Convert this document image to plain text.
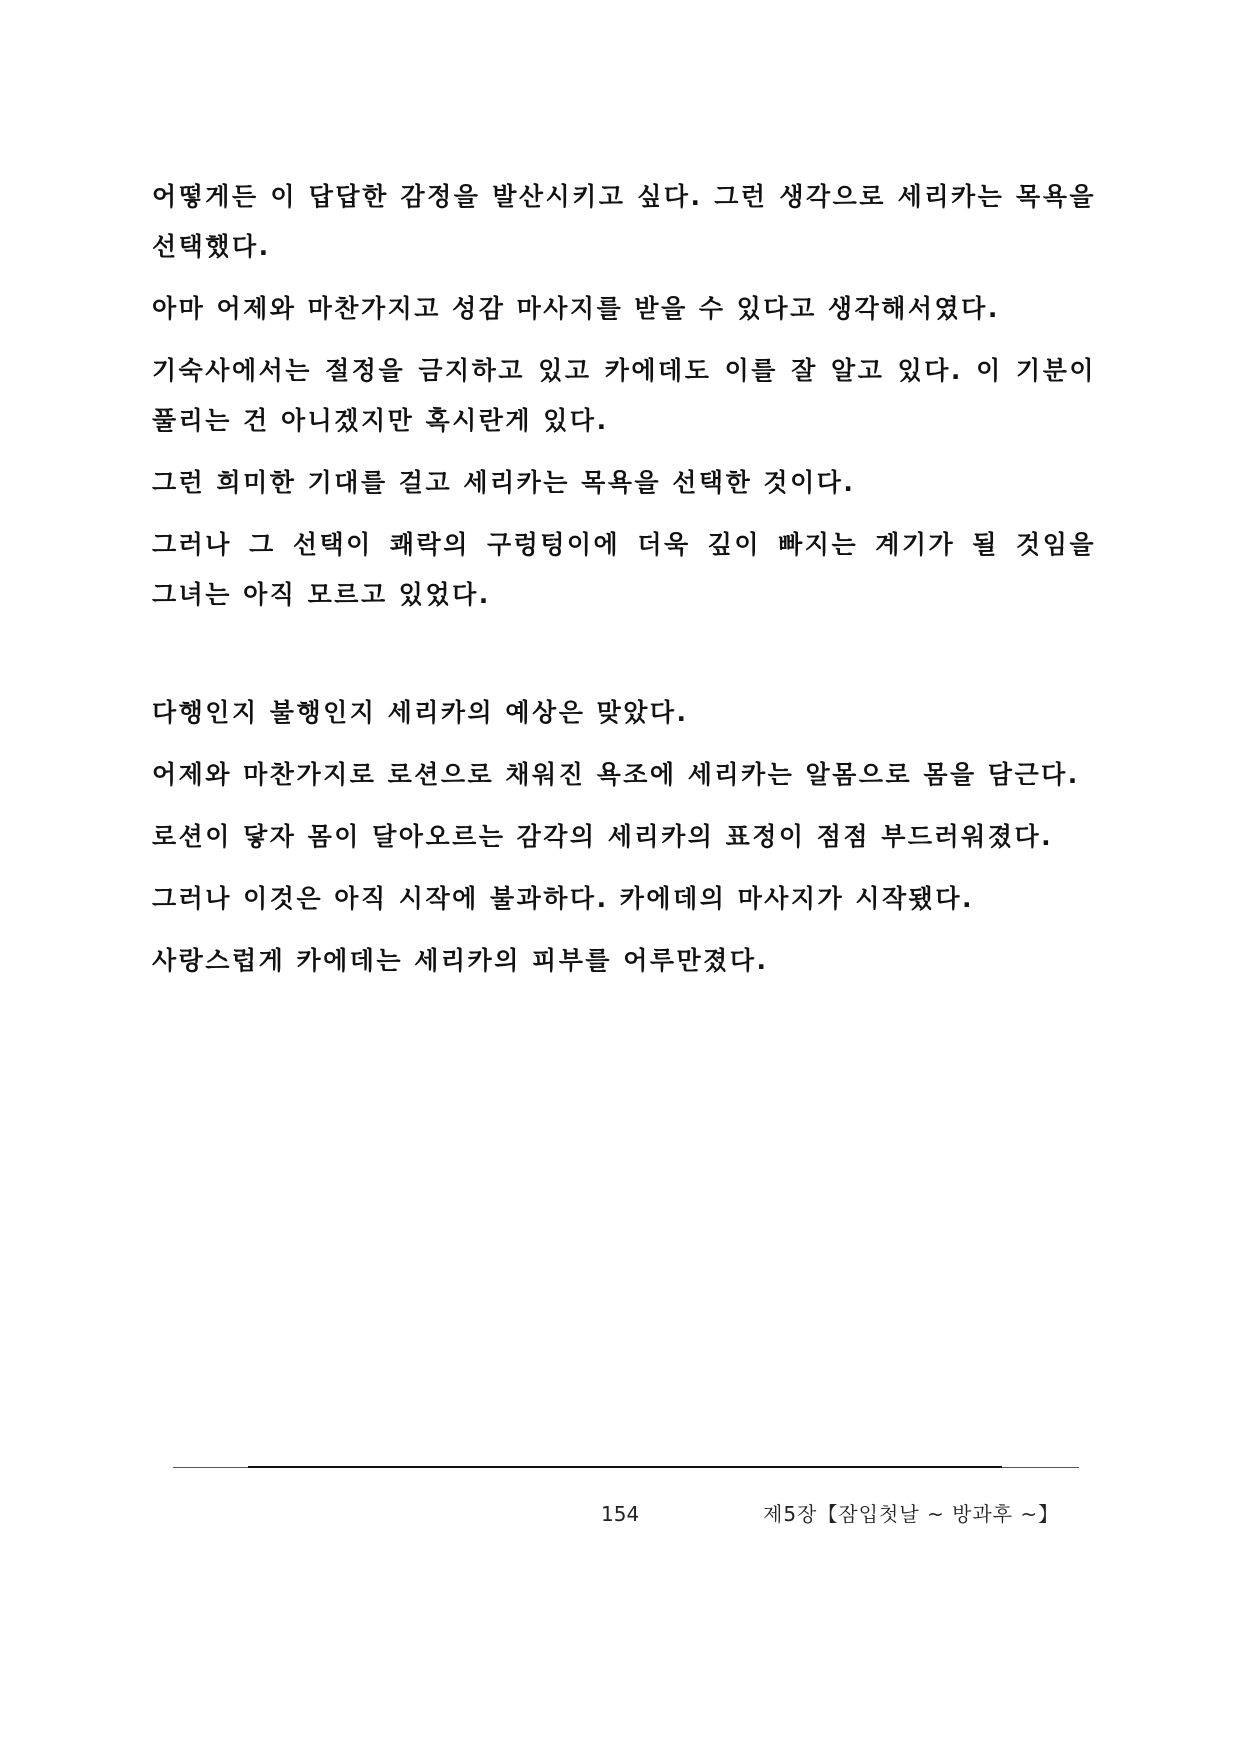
어떻게든 이 답답한 감정을 발산시키고 싶다. 그런 생각으로 세리카는 목욕을 선택했다.

아마 어제와 마찬가지고 성감 마사지를 받을 수 있다고 생각해서였다.

기숙사에서는 절정을 금지하고 있고 카에데도 이를 잘 알고 있다. 이 기분이 풀리는 건 아니겠지만 혹시란게 있다.

그런 희미한 기대를 걸고 세리카는 목욕을 선택한 것이다.

그러나 그 선택이 쾌락의 구렁텅이에 더욱 깊이 빠지는 계기가 될 것임을 그녀는 아직 모르고 있었다.

다행인지 불행인지 세리카의 예상은 맞았다.

어제와 마찬가지로 로션으로 채워진 욕조에 세리카는 알몸으로 몸을 담근다.

로션이 닿자 몸이 달아오르는 감각의 세리카의 표정이 점점 부드러워졌다.

그러나 이것은 아직 시작에 불과하다. 카에데의 마사지가 시작됐다.

사랑스럽게 카에데는 세리카의 피부를 어루만졌다.

154	제5장【잠입첫날 ~ 방과후 ~】
